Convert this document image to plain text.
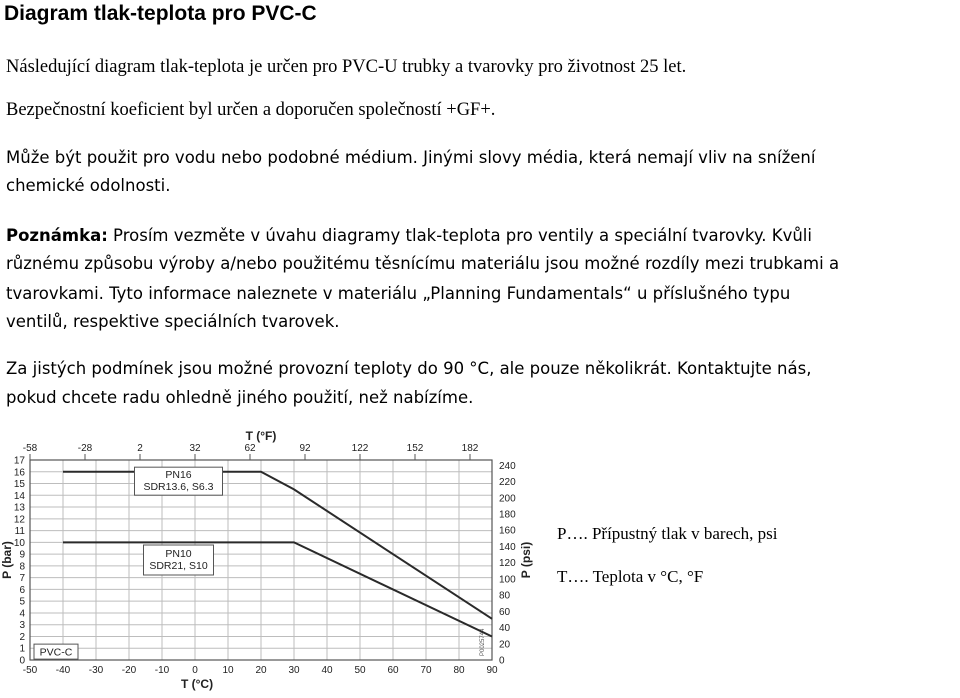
Diagram tlak-teplota pro PVC-C

Následující diagram tlak-teplota je určen pro PVC-U trubky a tvarovky pro životnost 25 let.

Bezpečnostní koeficient byl určen a doporučen společností +GF+.

Může být použit pro vodu nebo podobné médium. Jinými slovy média, která nemají vliv na snížení

chemické odolnosti.

Poznámka: Prosím vezměte v úvahu diagramy tlak-teplota pro ventily a speciální tvarovky. Kvůli

různému způsobu výroby a/nebo použitému těsnícímu materiálu jsou možné rozdíly mezi trubkami a

tvarovkami. Tyto informace naleznete v materiálu „Planning Fundamentals“ u příslušného typu

ventilů, respektive speciálních tvarovek.

Za jistých podmínek jsou možné provozní teploty do 90 °C, ale pouze několikrát. Kontaktujte nás,

pokud chcete radu ohledně jiného použití, než nabízíme.

T (°F)
-58	-28	2	32	62	92	122	152	182
-50 -40 -30 -20 -10 0 10 20 30 40 50 60 70 80 90
T (°C)
0
1
2
3
4
5
6
7
8
9
10
11
12
13
14
15
16
17
P (bar)
0
20
40
60
80
100
120
140
160
180
200
220
240
P (psi)
P0025744
PN16
SDR13.6, S6.3
PN10
SDR21, S10
PVC-C

P…. Přípustný tlak v barech, psi

T…. Teplota v °C, °F
